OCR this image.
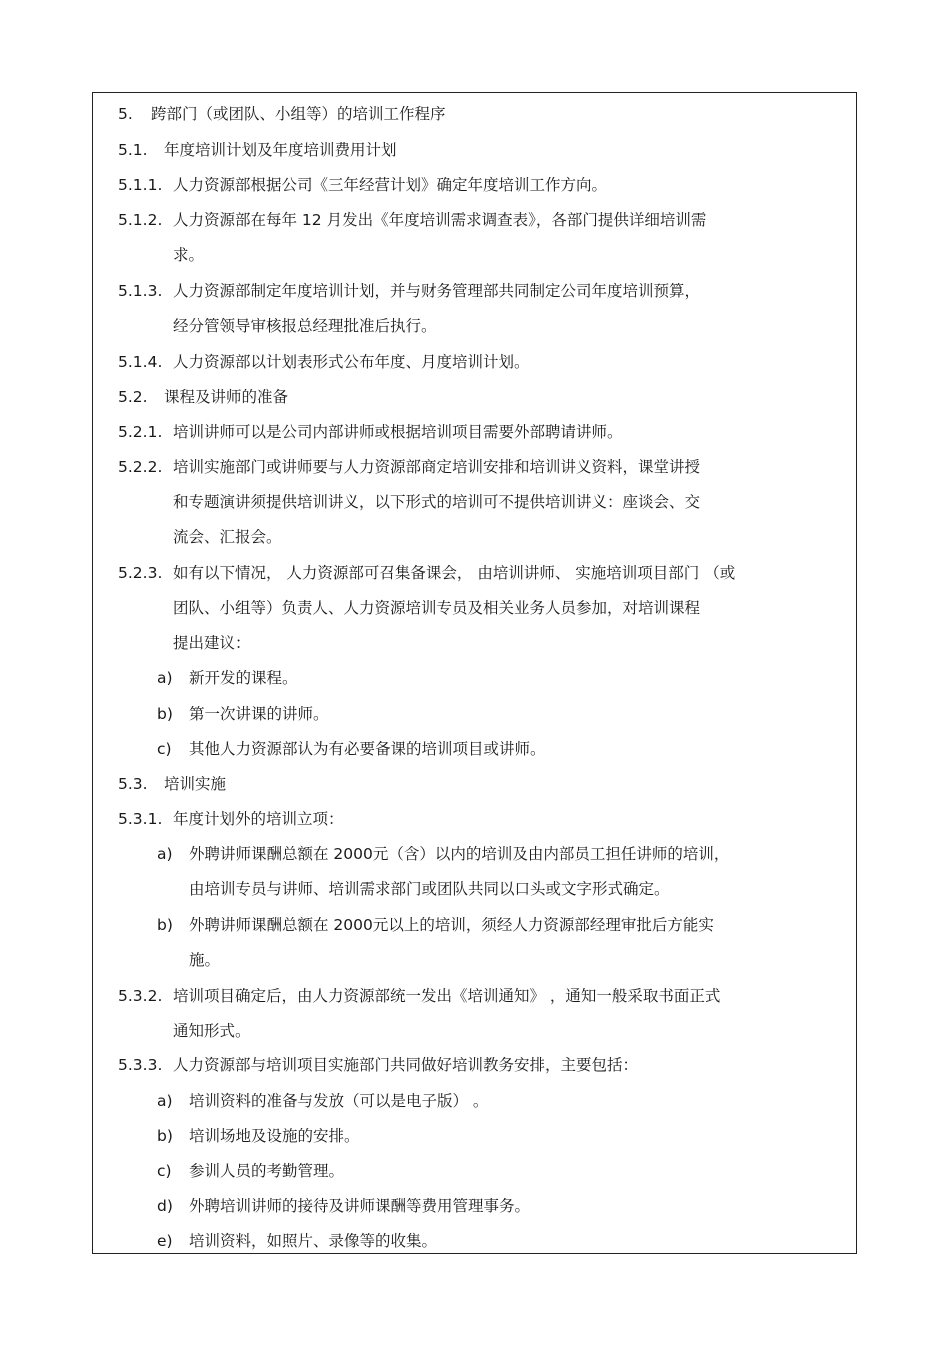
5. 跨部门（或团队、小组等）的培训工作程序
5.1. 年度培训计划及年度培训费用计划
5.1.1. 人力资源部根据公司《三年经营计划》确定年度培训工作方向。
5.1.2. 人力资源部在每年 12 月发出《年度培训需求调查表》，各部门提供详细培训需
求。
5.1.3. 人力资源部制定年度培训计划，并与财务管理部共同制定公司年度培训预算，
经分管领导审核报总经理批准后执行。
5.1.4. 人力资源部以计划表形式公布年度、月度培训计划。
5.2. 课程及讲师的准备
5.2.1. 培训讲师可以是公司内部讲师或根据培训项目需要外部聘请讲师。
5.2.2. 培训实施部门或讲师要与人力资源部商定培训安排和培训讲义资料，课堂讲授
和专题演讲须提供培训讲义，以下形式的培训可不提供培训讲义：座谈会、交
流会、汇报会。
5.2.3. 如有以下情况， 人力资源部可召集备课会， 由培训讲师、 实施培训项目部门 （或
团队、小组等）负责人、人力资源培训专员及相关业务人员参加，对培训课程
提出建议：
a) 新开发的课程。
b) 第一次讲课的讲师。
c) 其他人力资源部认为有必要备课的培训项目或讲师。
5.3. 培训实施
5.3.1. 年度计划外的培训立项：
a) 外聘讲师课酬总额在 2000元（含）以内的培训及由内部员工担任讲师的培训，
由培训专员与讲师、培训需求部门或团队共同以口头或文字形式确定。
b) 外聘讲师课酬总额在 2000元以上的培训，须经人力资源部经理审批后方能实
施。
5.3.2. 培训项目确定后，由人力资源部统一发出《培训通知》 ，通知一般采取书面正式
通知形式。
5.3.3. 人力资源部与培训项目实施部门共同做好培训教务安排，主要包括：
a) 培训资料的准备与发放（可以是电子版） 。
b) 培训场地及设施的安排。
c) 参训人员的考勤管理。
d) 外聘培训讲师的接待及讲师课酬等费用管理事务。
e) 培训资料，如照片、录像等的收集。
